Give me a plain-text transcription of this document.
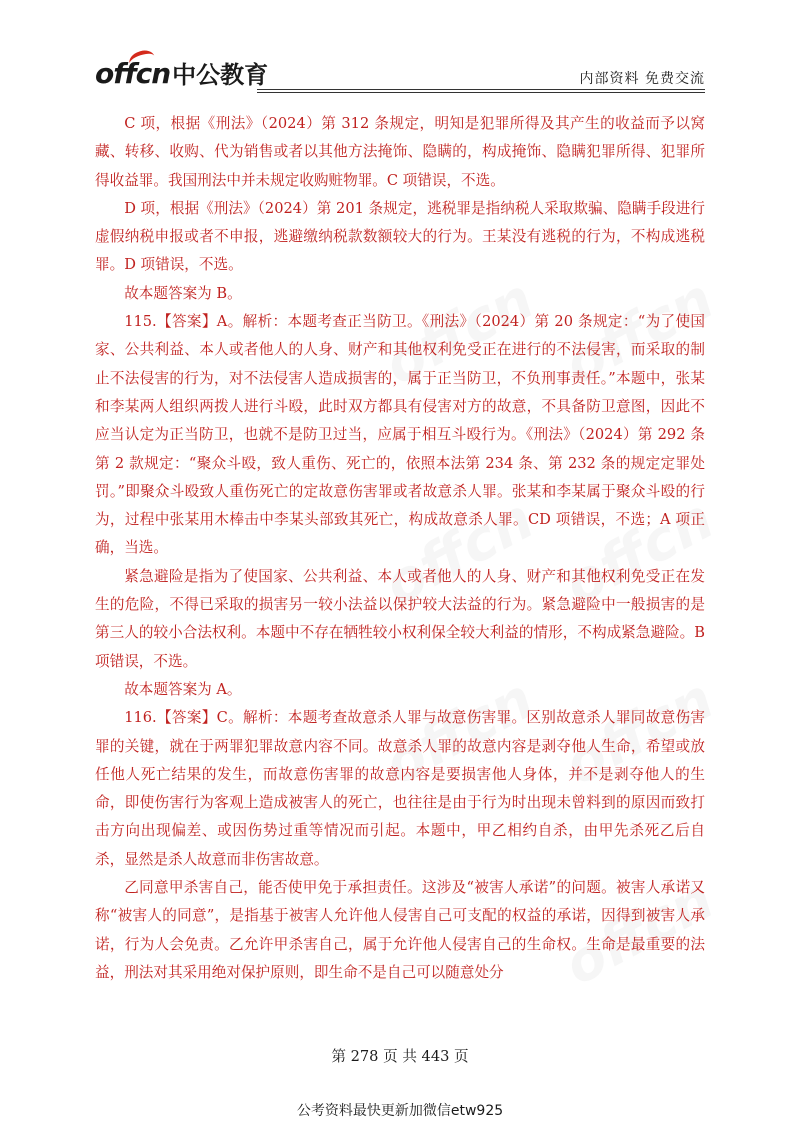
offcn 中公教育	内部资料 免费交流

C 项，根据《刑法》（2024）第 312 条规定，明知是犯罪所得及其产生的收益而予以窝藏、转移、收购、代为销售或者以其他方法掩饰、隐瞒的，构成掩饰、隐瞒犯罪所得、犯罪所得收益罪。我国刑法中并未规定收购赃物罪。C 项错误，不选。

D 项，根据《刑法》（2024）第 201 条规定，逃税罪是指纳税人采取欺骗、隐瞒手段进行虚假纳税申报或者不申报，逃避缴纳税款数额较大的行为。王某没有逃税的行为，不构成逃税罪。D 项错误，不选。

故本题答案为 B。

115.【答案】A。解析：本题考查正当防卫。《刑法》（2024）第 20 条规定：“为了使国家、公共利益、本人或者他人的人身、财产和其他权利免受正在进行的不法侵害，而采取的制止不法侵害的行为，对不法侵害人造成损害的，属于正当防卫，不负刑事责任。”本题中，张某和李某两人组织两拨人进行斗殴，此时双方都具有侵害对方的故意，不具备防卫意图，因此不应当认定为正当防卫，也就不是防卫过当，应属于相互斗殴行为。《刑法》（2024）第 292 条第 2 款规定：“聚众斗殴，致人重伤、死亡的，依照本法第 234 条、第 232 条的规定定罪处罚。”即聚众斗殴致人重伤死亡的定故意伤害罪或者故意杀人罪。张某和李某属于聚众斗殴的行为，过程中张某用木棒击中李某头部致其死亡，构成故意杀人罪。CD 项错误，不选；A 项正确，当选。

紧急避险是指为了使国家、公共利益、本人或者他人的人身、财产和其他权利免受正在发生的危险，不得已采取的损害另一较小法益以保护较大法益的行为。紧急避险中一般损害的是第三人的较小合法权利。本题中不存在牺牲较小权利保全较大利益的情形，不构成紧急避险。B 项错误，不选。

故本题答案为 A。

116.【答案】C。解析：本题考查故意杀人罪与故意伤害罪。区别故意杀人罪同故意伤害罪的关键，就在于两罪犯罪故意内容不同。故意杀人罪的故意内容是剥夺他人生命，希望或放任他人死亡结果的发生，而故意伤害罪的故意内容是要损害他人身体，并不是剥夺他人的生命，即使伤害行为客观上造成被害人的死亡，也往往是由于行为时出现未曾料到的原因而致打击方向出现偏差、或因伤势过重等情况而引起。本题中，甲乙相约自杀，由甲先杀死乙后自杀，显然是杀人故意而非伤害故意。

乙同意甲杀害自己，能否使甲免于承担责任。这涉及“被害人承诺”的问题。被害人承诺又称“被害人的同意”，是指基于被害人允许他人侵害自己可支配的权益的承诺，因得到被害人承诺，行为人会免责。乙允许甲杀害自己，属于允许他人侵害自己的生命权。生命是最重要的法益，刑法对其采用绝对保护原则，即生命不是自己可以随意处分

第 278 页 共 443 页
公考资料最快更新加微信etw925
